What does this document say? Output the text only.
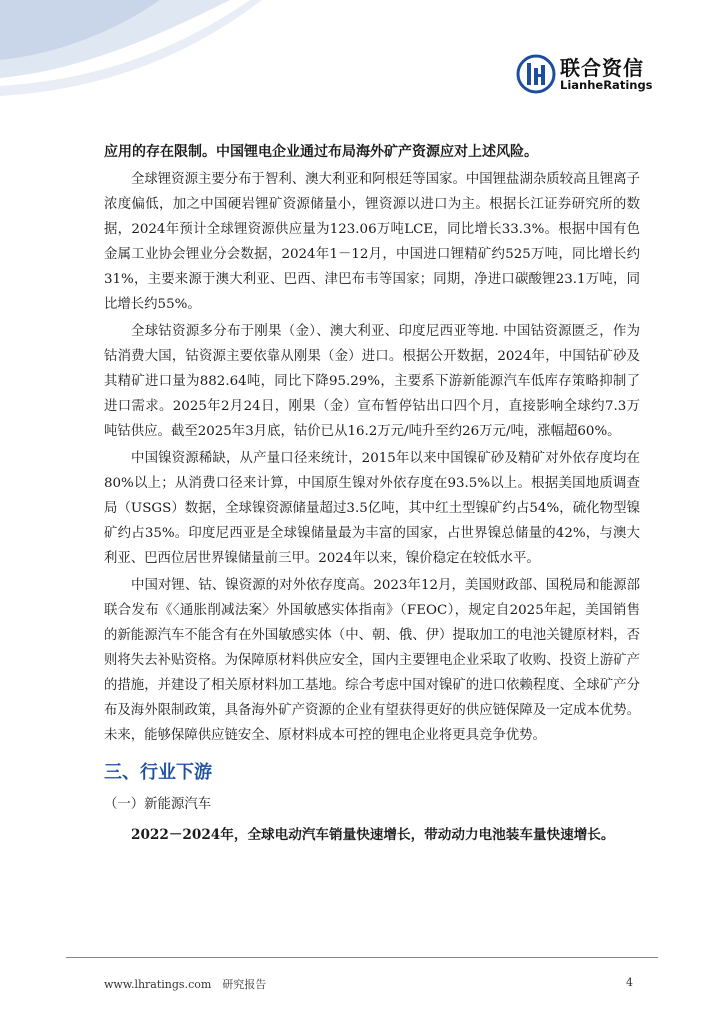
联合资信
LianheRatings

应用的存在限制。中国锂电企业通过布局海外矿产资源应对上述风险。

全球锂资源主要分布于智利、澳大利亚和阿根廷等国家。中国锂盐湖杂质较高且锂离子浓度偏低，加之中国硬岩锂矿资源储量小，锂资源以进口为主。根据长江证券研究所的数据，2024年预计全球锂资源供应量为123.06万吨LCE，同比增长33.3%。根据中国有色金属工业协会锂业分会数据，2024年1－12月，中国进口锂精矿约525万吨，同比增长约31%，主要来源于澳大利亚、巴西、津巴布韦等国家；同期，净进口碳酸锂23.1万吨，同比增长约55%。

全球钴资源多分布于刚果（金）、澳大利亚、印度尼西亚等地. 中国钴资源匮乏，作为钴消费大国，钴资源主要依靠从刚果（金）进口。根据公开数据，2024年，中国钴矿砂及其精矿进口量为882.64吨，同比下降95.29%，主要系下游新能源汽车低库存策略抑制了进口需求。2025年2月24日，刚果（金）宣布暂停钴出口四个月，直接影响全球约7.3万吨钴供应。截至2025年3月底，钴价已从16.2万元/吨升至约26万元/吨，涨幅超60%。

中国镍资源稀缺，从产量口径来统计，2015年以来中国镍矿砂及精矿对外依存度均在80%以上；从消费口径来计算，中国原生镍对外依存度在93.5%以上。根据美国地质调查局（USGS）数据，全球镍资源储量超过3.5亿吨，其中红土型镍矿约占54%，硫化物型镍矿约占35%。印度尼西亚是全球镍储量最为丰富的国家，占世界镍总储量的42%，与澳大利亚、巴西位居世界镍储量前三甲。2024年以来，镍价稳定在较低水平。

中国对锂、钴、镍资源的对外依存度高。2023年12月，美国财政部、国税局和能源部联合发布《〈通胀削减法案〉外国敏感实体指南》（FEOC），规定自2025年起，美国销售的新能源汽车不能含有在外国敏感实体（中、朝、俄、伊）提取加工的电池关键原材料，否则将失去补贴资格。为保障原材料供应安全，国内主要锂电企业采取了收购、投资上游矿产的措施，并建设了相关原材料加工基地。综合考虑中国对镍矿的进口依赖程度、全球矿产分布及海外限制政策，具备海外矿产资源的企业有望获得更好的供应链保障及一定成本优势。未来，能够保障供应链安全、原材料成本可控的锂电企业将更具竞争优势。

三、行业下游
（一）新能源汽车

2022－2024年，全球电动汽车销量快速增长，带动动力电池装车量快速增长。

www.lhratings.com　研究报告	4
